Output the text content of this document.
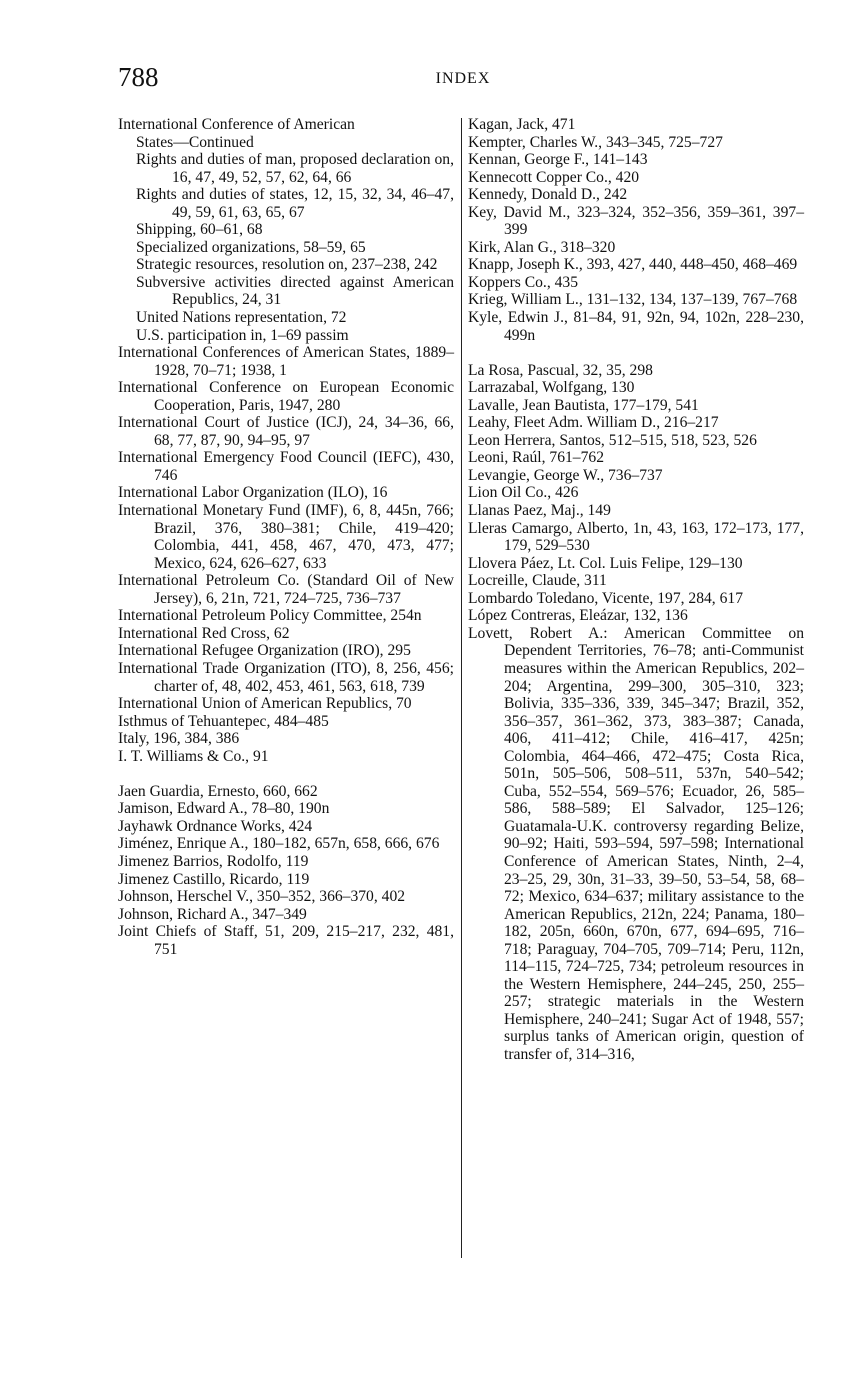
788	INDEX
International Conference of American
States—Continued
Rights and duties of man, proposed declaration on, 16, 47, 49, 52, 57, 62, 64, 66
Rights and duties of states, 12, 15, 32, 34, 46–47, 49, 59, 61, 63, 65, 67
Shipping, 60–61, 68
Specialized organizations, 58–59, 65
Strategic resources, resolution on, 237–238, 242
Subversive activities directed against American Republics, 24, 31
United Nations representation, 72
U.S. participation in, 1–69 passim
International Conferences of American States, 1889–1928, 70–71; 1938, 1
International Conference on European Economic Cooperation, Paris, 1947, 280
International Court of Justice (ICJ), 24, 34–36, 66, 68, 77, 87, 90, 94–95, 97
International Emergency Food Council (IEFC), 430, 746
International Labor Organization (ILO), 16
International Monetary Fund (IMF), 6, 8, 445n, 766; Brazil, 376, 380–381; Chile, 419–420; Colombia, 441, 458, 467, 470, 473, 477; Mexico, 624, 626–627, 633
International Petroleum Co. (Standard Oil of New Jersey), 6, 21n, 721, 724–725, 736–737
International Petroleum Policy Committee, 254n
International Red Cross, 62
International Refugee Organization (IRO), 295
International Trade Organization (ITO), 8, 256, 456; charter of, 48, 402, 453, 461, 563, 618, 739
International Union of American Republics, 70
Isthmus of Tehuantepec, 484–485
Italy, 196, 384, 386
I. T. Williams & Co., 91
Jaen Guardia, Ernesto, 660, 662
Jamison, Edward A., 78–80, 190n
Jayhawk Ordnance Works, 424
Jiménez, Enrique A., 180–182, 657n, 658, 666, 676
Jimenez Barrios, Rodolfo, 119
Jimenez Castillo, Ricardo, 119
Johnson, Herschel V., 350–352, 366–370, 402
Johnson, Richard A., 347–349
Joint Chiefs of Staff, 51, 209, 215–217, 232, 481, 751
Kagan, Jack, 471
Kempter, Charles W., 343–345, 725–727
Kennan, George F., 141–143
Kennecott Copper Co., 420
Kennedy, Donald D., 242
Key, David M., 323–324, 352–356, 359–361, 397–399
Kirk, Alan G., 318–320
Knapp, Joseph K., 393, 427, 440, 448–450, 468–469
Koppers Co., 435
Krieg, William L., 131–132, 134, 137–139, 767–768
Kyle, Edwin J., 81–84, 91, 92n, 94, 102n, 228–230, 499n
La Rosa, Pascual, 32, 35, 298
Larrazabal, Wolfgang, 130
Lavalle, Jean Bautista, 177–179, 541
Leahy, Fleet Adm. William D., 216–217
Leon Herrera, Santos, 512–515, 518, 523, 526
Leoni, Raúl, 761–762
Levangie, George W., 736–737
Lion Oil Co., 426
Llanas Paez, Maj., 149
Lleras Camargo, Alberto, 1n, 43, 163, 172–173, 177, 179, 529–530
Llovera Páez, Lt. Col. Luis Felipe, 129–130
Locreille, Claude, 311
Lombardo Toledano, Vicente, 197, 284, 617
López Contreras, Eleázar, 132, 136
Lovett, Robert A.: American Committee on Dependent Territories, 76–78; anti-Communist measures within the American Republics, 202–204; Argentina, 299–300, 305–310, 323; Bolivia, 335–336, 339, 345–347; Brazil, 352, 356–357, 361–362, 373, 383–387; Canada, 406, 411–412; Chile, 416–417, 425n; Colombia, 464–466, 472–475; Costa Rica, 501n, 505–506, 508–511, 537n, 540–542; Cuba, 552–554, 569–576; Ecuador, 26, 585–586, 588–589; El Salvador, 125–126; Guatamala-U.K. controversy regarding Belize, 90–92; Haiti, 593–594, 597–598; International Conference of American States, Ninth, 2–4, 23–25, 29, 30n, 31–33, 39–50, 53–54, 58, 68–72; Mexico, 634–637; military assistance to the American Republics, 212n, 224; Panama, 180–182, 205n, 660n, 670n, 677, 694–695, 716–718; Paraguay, 704–705, 709–714; Peru, 112n, 114–115, 724–725, 734; petroleum resources in the Western Hemisphere, 244–245, 250, 255–257; strategic materials in the Western Hemisphere, 240–241; Sugar Act of 1948, 557; surplus tanks of American origin, question of transfer of, 314–316,
